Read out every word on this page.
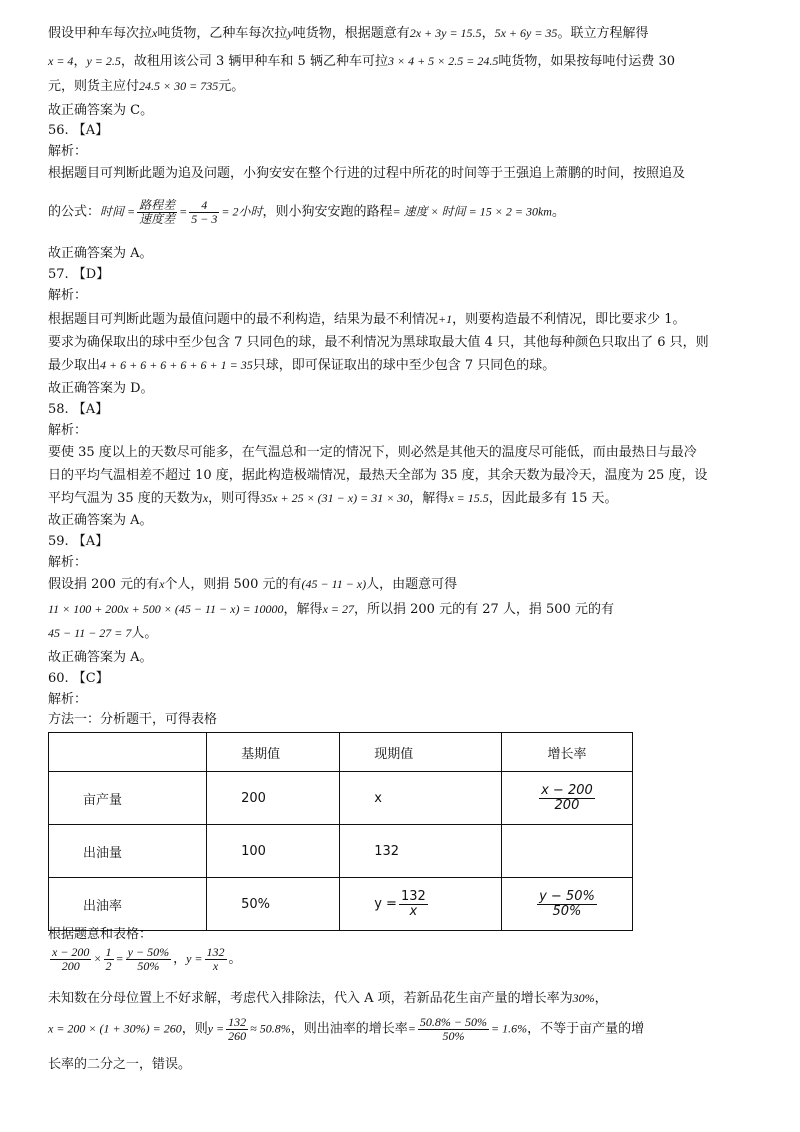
假设甲种车每次拉x吨货物，乙种车每次拉y吨货物，根据题意有2x + 3y = 15.5，5x + 6y = 35。联立方程解得
x = 4，y = 2.5，故租用该公司 3 辆甲种车和 5 辆乙种车可拉3 × 4 + 5 × 2.5 = 24.5吨货物，如果按每吨付运费 30
元，则货主应付24.5 × 30 = 735元。
故正确答案为 C。
56. 【A】
解析：
根据题目可判断此题为追及问题，小狗安安在整个行进的过程中所花的时间等于王强追上萧鹏的时间，按照追及
的公式：时间 = $\frac{\text{路程差}}{\text{速度差}} = \frac{4}{5 - 3} = 2$小时，则小狗安安跑的路程= 速度 × 时间 = 15 × 2 = 30km。
故正确答案为 A。
57. 【D】
解析：
根据题目可判断此题为最值问题中的最不利构造，结果为最不利情况+1，则要构造最不利情况，即比要求少 1。
要求为确保取出的球中至少包含 7 只同色的球，最不利情况为黑球取最大值 4 只，其他每种颜色只取出了 6 只，则
最少取出4 + 6 + 6 + 6 + 6 + 6 + 1 = 35只球，即可保证取出的球中至少包含 7 只同色的球。
故正确答案为 D。
58. 【A】
解析：
要使 35 度以上的天数尽可能多，在气温总和一定的情况下，则必然是其他天的温度尽可能低，而由最热日与最冷
日的平均气温相差不超过 10 度，据此构造极端情况，最热天全部为 35 度，其余天数为最冷天，温度为 25 度，设
平均气温为 35 度的天数为x，则可得35x + 25 × (31 − x) = 31 × 30，解得x = 15.5，因此最多有 15 天。
故正确答案为 A。
59. 【A】
解析：
假设捐 200 元的有x个人，则捐 500 元的有(45 − 11 − x)人，由题意可得
11 × 100 + 200x + 500 × (45 − 11 − x) = 10000，解得x = 27，所以捐 200 元的有 27 人，捐 500 元的有
45 − 11 − 27 = 7人。
故正确答案为 A。
60. 【C】
解析：
方法一：分析题干，可得表格
	基期值	现期值	增长率
亩产量	200	x	$\frac{x - 200}{200}$

出油量	100	132	
出油率	50%	$y = \frac{132}{x}$	$\frac{y - 50\%}{50\%}$
根据题意和表格：
$\frac{x - 200}{200} \times \frac{1}{2} = \frac{y - 50\%}{50\%}$ ，$y = \frac{132}{x}$ 。
未知数在分母位置上不好求解，考虑代入排除法，代入 A 项，若新品花生亩产量的增长率为30%，
x = 200 × (1 + 30%) = 260，则$y = \frac{132}{260} \approx 50.8\%$，则出油率的增长率= $\frac{50.8\% - 50\%}{50\%} = 1.6\%$，不等于亩产量的增
长率的二分之一，错误。
